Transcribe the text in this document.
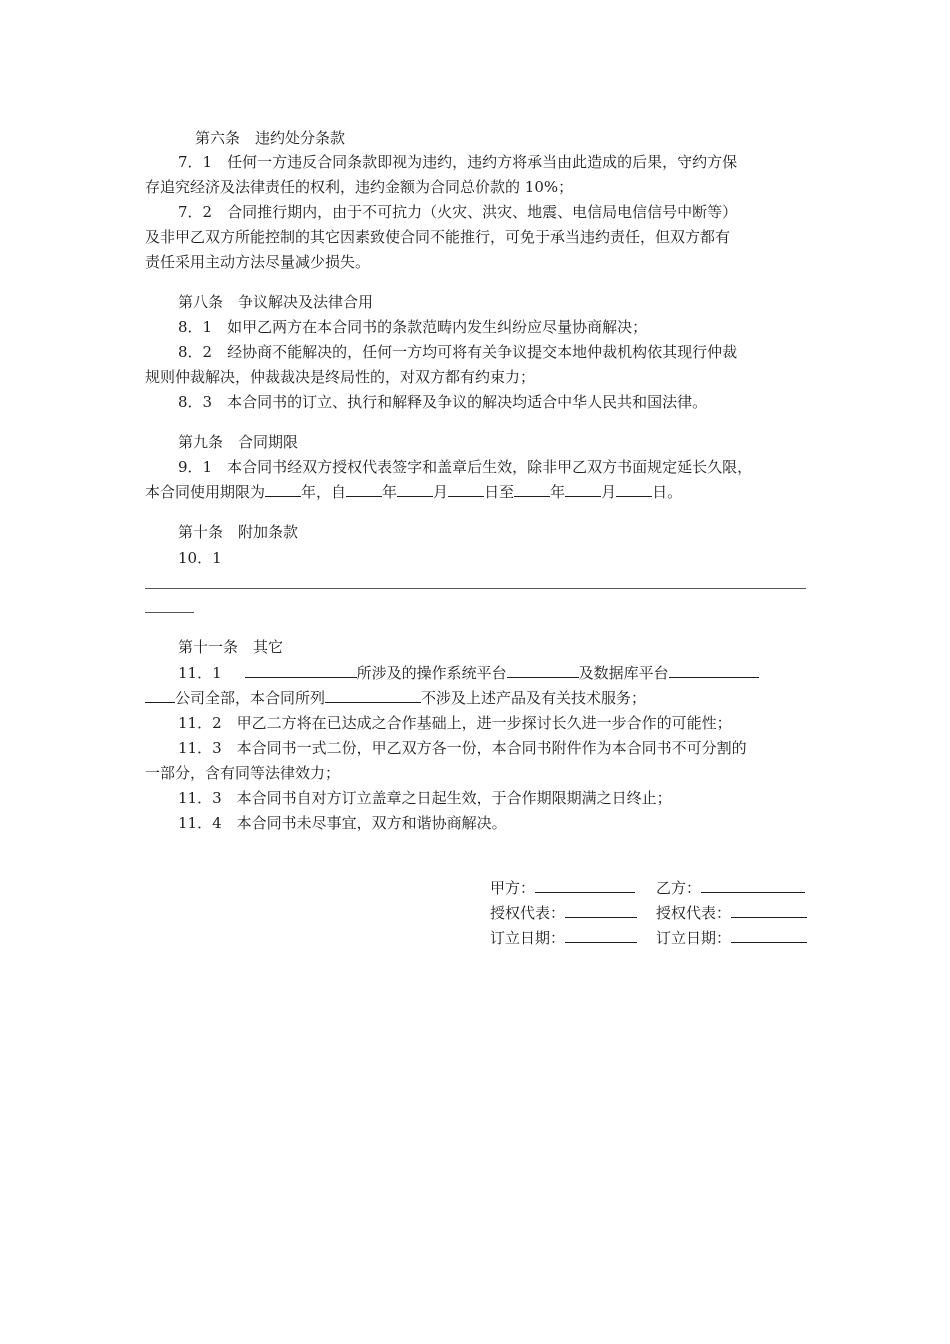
第六条　违约处分条款
7．1　任何一方违反合同条款即视为违约，违约方将承当由此造成的后果，守约方保
存追究经济及法律责任的权利，违约金额为合同总价款的 10%；
7．2　合同推行期内，由于不可抗力（火灾、洪灾、地震、电信局电信信号中断等）
及非甲乙双方所能控制的其它因素致使合同不能推行，可免于承当违约责任，但双方都有
责任采用主动方法尽量减少损失。
第八条　争议解决及法律合用
8．1　如甲乙两方在本合同书的条款范畴内发生纠纷应尽量协商解决；
8．2　经协商不能解决的，任何一方均可将有关争议提交本地仲裁机构依其现行仲裁
规则仲裁解决，仲裁裁决是终局性的，对双方都有约束力；
8．3　本合同书的订立、执行和解释及争议的解决均适合中华人民共和国法律。
第九条　合同期限
9．1　本合同书经双方授权代表签字和盖章后生效，除非甲乙双方书面规定延长久限，
本合同使用期限为 年，自 年 月 日至 年 月 日。
第十条　附加条款
10．1
第十一条　其它
11．1	所涉及的操作系统平台	及数据库平台
公司全部，本合同所列	不涉及上述产品及有关技术服务；
11．2　甲乙二方将在已达成之合作基础上，进一步探讨长久进一步合作的可能性；
11．3　本合同书一式二份，甲乙双方各一份，本合同书附件作为本合同书不可分割的
一部分，含有同等法律效力；
11．3　本合同书自对方订立盖章之日起生效，于合作期限期满之日终止；
11．4　本合同书未尽事宜，双方和谐协商解决。
甲方：	乙方：
授权代表：	授权代表：
订立日期：	订立日期：
